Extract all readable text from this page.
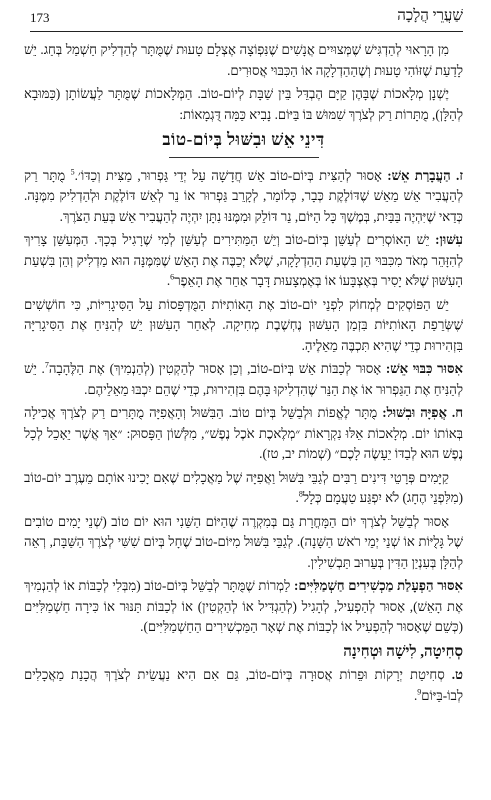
173	שַׁעֲרֵי הֲלָכָה

מִן הָרָאוּי לְהַדְגִּישׁ שֶׁמְּצוּיִים אֲנָשִׁים שֶׁנִּפְוֹצָה אֶצְלָם טָעוּת שֶׁמֻּתָּר לְהַדְלִיק חַשְׁמַל בְּחַג. יֵשׁ לָדַעַת שֶׁזּוֹהִי טָעוּת וְשֶׁהַהַדְלָקָה אוֹ הַכִּבּוּי אֲסוּרִים.

יֶשְׁנָן מְלָאכוֹת שֶׁבָּהֶן קַיָּם הֶבְדֵּל בֵּין שַׁבָּת לְיוֹם-טוֹב. הַמְּלָאכוֹת שֶׁמֻּתָּר לַעֲשׂוֹתָן (כַּמּוּבָא לְהַלָּן), מֻתָּרוֹת רַק לְצֹרֶךְ שִׁמּוּשׁ בּוֹ בַּיּוֹם. נָבִיא כַּמָּה דֻּגְמָאוֹת:

דִּינֵי אֵשׁ וּבִשּׁוּל בְּיוֹם-טוֹב

ז. הַעֲבָרַת אֵשׁ: אָסוּר לְהַצִּית בְּיוֹם-טוֹב אֵשׁ חֲדָשָׁה עַל יְדֵי גַּפְרוּר, מַצִּית וְכַדּוֹ׳.$^5$ מֻתָּר רַק לְהַעֲבִיר אֵשׁ מֵאֵשׁ שֶׁדּוֹלֶקֶת כְּבָר, כְּלוֹמַר, לְקָרֵב גַּפְרוּר אוֹ נֵר לְאֵשׁ דּוֹלֶקֶת וּלְהַדְלִיק מִמֶּנָּה. כְּדַאי שֶׁיִּהְיֶה בַּבַּיִת, בְּמֶשֶׁךְ כָּל הַיּוֹם, נֵר דּוֹלֵק וּמִמֶּנּוּ נִתָּן יִהְיֶה לְהַעֲבִיר אֵשׁ בְּעֵת הַצֹּרֶךְ.

עִשּׁוּן: יֵשׁ הָאוֹסְרִים לְעַשֵּׁן בְּיוֹם-טוֹב וְיֵשׁ הַמַּתִּירִים לְעַשֵּׁן לְמִי שֶׁרָגִיל בְּכָךְ. הַמְּעַשֵּׁן צָרִיךְ לְהִזָּהֵר מְאֹד מִכִּבּוּי הֵן בִּשְׁעַת הַהַדְלָקָה, שֶׁלֹּא יְכַבֶּה אֶת הָאֵשׁ שֶׁמִּמֶּנָּה הוּא מַדְלִיק וְהֵן בִּשְׁעַת הָעִשּׁוּן שֶׁלֹּא יָסִיר בְּאֶצְבָּעוֹ אוֹ בְּאֶמְצָעוּת דָּבָר אַחֵר אֶת הָאֵפֶר$^6$.

יֵשׁ הַפּוֹסְקִים לְמְחוֹק לִפְנֵי יוֹם-טוֹב אֶת הָאוֹתִיּוֹת הַמֻּדְפָּסוֹת עַל הַסִּיגָרִיּוֹת, כִּי חוֹשְׁשִׁים שֶׁשְּׂרֵפַת הָאוֹתִיּוֹת בִּזְמַן הָעִשּׁוּן נֶחְשֶׁבֶת מְחִיקָה. לְאַחַר הָעִשּׁוּן יֵשׁ לְהַנִּיחַ אֶת הַסִּיגָרִיָּה בִּזְהִירוּת כְּדֵי שֶׁהִיא תִּכְבֶּה מֵאֵלֶיהָ.

אִסּוּר כִּבּוּי אֵשׁ: אָסוּר לְכַבּוֹת אֵשׁ בְּיוֹם-טוֹב, וְכֵן אָסוּר לְהַקְטִין (לְהַנְמִיךְ) אֶת הַלֶּהָבָה$^7$. יֵשׁ לְהַנִּיחַ אֶת הַגַּפְרוּר אוֹ אֶת הַנֵּר שֶׁהִדְלִיקוּ בָּהֶם בִּזְהִירוּת, כְּדֵי שֶׁהֵם יִכְבּוּ מֵאֵלֵיהֶם.

ח. אֲפִיָּה וּבִשּׁוּל: מֻתָּר לֶאֱפוֹת וּלְבַשֵּׁל בְּיוֹם טוֹב. הַבִּשּׁוּל וְהָאֲפִיָּה מֻתָּרִים רַק לְצֹרֶךְ אֲכִילָה בְּאוֹתוֹ יוֹם. מְלָאכוֹת אֵלּוּ נִקְרָאוֹת ״מְלֶאכֶת אֹכֶל נֶפֶשׁ״, מִלְּשׁוֹן הַפָּסוּק: ״אַךְ אֲשֶׁר יֵאָכֵל לְכָל נֶפֶשׁ הוּא לְבַדּוֹ יֵעָשֶׂה לָכֶם״ (שְׁמוֹת יב, טז).

קַיָּמִים פְּרָטֵי דִּינִים רַבִּים לְגַבֵּי בִּשּׁוּל וַאֲפִיָּה שֶׁל מַאֲכָלִים שֶׁאִם יָכִינוּ אוֹתָם מֵעֶרֶב יוֹם-טוֹב (מִלִּפְנֵי הֶחָג) לֹא יִפְגַּע טַעֲמָם כְּלָל$^8$.

אָסוּר לְבַשֵּׁל לְצֹרֶךְ יוֹם הַמָּחֳרָת גַּם בְּמִקְרֶה שֶׁהַיּוֹם הַשֵּׁנִי הוּא יוֹם טוֹב (שְׁנֵי יָמִים טוֹבִים שֶׁל גָּלֻיּוֹת אוֹ שְׁנֵי יְמֵי רֹאשׁ הַשָּׁנָה). לְגַבֵּי בִּשּׁוּל מִיּוֹם-טוֹב שֶׁחָל בְּיוֹם שִׁשִּׁי לְצֹרֶךְ הַשַּׁבָּת, רְאֵה לְהַלָּן בְּעִנְיַן הַדִּין בְּעֵרוּב תַּבְשִׁילִין.

אִסּוּר הַפְעָלַת מַכְשִׁירִים חַשְׁמַלִּיִּים: לַמְרוֹת שֶׁמֻּתָּר לְבַשֵּׁל בְּיוֹם-טוֹב (מִבְּלִי לְכַבּוֹת אוֹ לְהַנְמִיךְ אֶת הָאֵשׁ), אָסוּר לְהַפְעִיל, לְהָגִיל (לְהַגְדִּיל אוֹ לְהַקְטִין) אוֹ לְכַבּוֹת תַּנּוּר אוֹ כִּירָה חַשְׁמַלִּיִּים (כְּשֵׁם שֶׁאָסוּר לְהַפְעִיל אוֹ לְכַבּוֹת אֶת שְׁאָר הַמַּכְשִׁירִים הַחַשְׁמַלִּיִּים).

סְחִיטָה, לִישָׁה וּטְחִינָה

ט. סְחִיטַת יְרָקוֹת וּפֵרוֹת אֲסוּרָה בְּיוֹם-טוֹב, גַּם אִם הִיא נַעֲשֵׂית לְצֹרֶךְ הֲכָנַת מַאֲכָלִים לְבוֹ-בַּיּוֹם$^9$.
